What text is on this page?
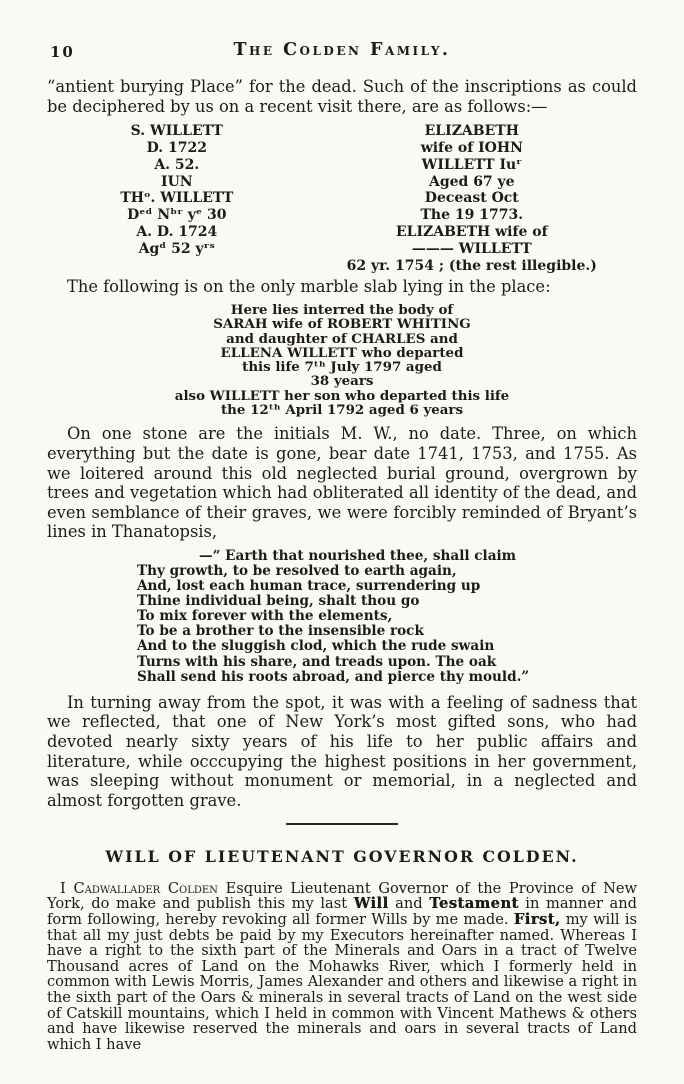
10	The Colden Family.

“antient burying Place” for the dead. Such of the inscriptions as could be deciphered by us on a recent visit there, are as follows:—

S. WILLETT
D. 1722
A. 52.
IUN
THᵒ. WILLETT
Dᵉᵈ Nᵇʳ yᵉ 30
A. D. 1724
Agᵈ 52 yʳˢ
ELIZABETH
wife of IOHN
WILLETT Iuʳ
Aged 67 ye
Deceast Oct
The 19 1773.
ELIZABETH wife of
——— WILLETT
62 yr. 1754 ; (the rest illegible.)

The following is on the only marble slab lying in the place:

Here lies interred the body of
SARAH wife of ROBERT WHITING
and daughter of CHARLES and
ELLENA WILLETT who departed
this life 7ᵗʰ July 1797 aged
38 years
also WILLETT her son who departed this life
the 12ᵗʰ April 1792 aged 6 years

On one stone are the initials M. W., no date. Three, on which everything but the date is gone, bear date 1741, 1753, and 1755. As we loitered around this old neglected burial ground, overgrown by trees and vegetation which had obliterated all identity of the dead, and even semblance of their graves, we were forcibly reminded of Bryant’s lines in Thanatopsis,

—“ Earth that nourished thee, shall claim
Thy growth, to be resolved to earth again,
And, lost each human trace, surrendering up
Thine individual being, shalt thou go
To mix forever with the elements,
To be a brother to the insensible rock
And to the sluggish clod, which the rude swain
Turns with his share, and treads upon. The oak
Shall send his roots abroad, and pierce thy mould.”

In turning away from the spot, it was with a feeling of sadness that we reflected, that one of New York’s most gifted sons, who had devoted nearly sixty years of his life to her public affairs and literature, while occcupying the highest positions in her government, was sleeping without monument or memorial, in a neglected and almost forgotten grave.

WILL OF LIEUTENANT GOVERNOR COLDEN.

I Cadwallader Colden Esquire Lieutenant Governor of the Province of New York, do make and publish this my last Will and Testament in manner and form following, hereby revoking all former Wills by me made. First, my will is that all my just debts be paid by my Executors hereinafter named. Whereas I have a right to the sixth part of the Minerals and Oars in a tract of Twelve Thousand acres of Land on the Mohawks River, which I formerly held in common with Lewis Morris, James Alexander and others and likewise a right in the sixth part of the Oars & minerals in several tracts of Land on the west side of Catskill mountains, which I held in common with Vincent Mathews & others and have likewise reserved the minerals and oars in several tracts of Land which I have
